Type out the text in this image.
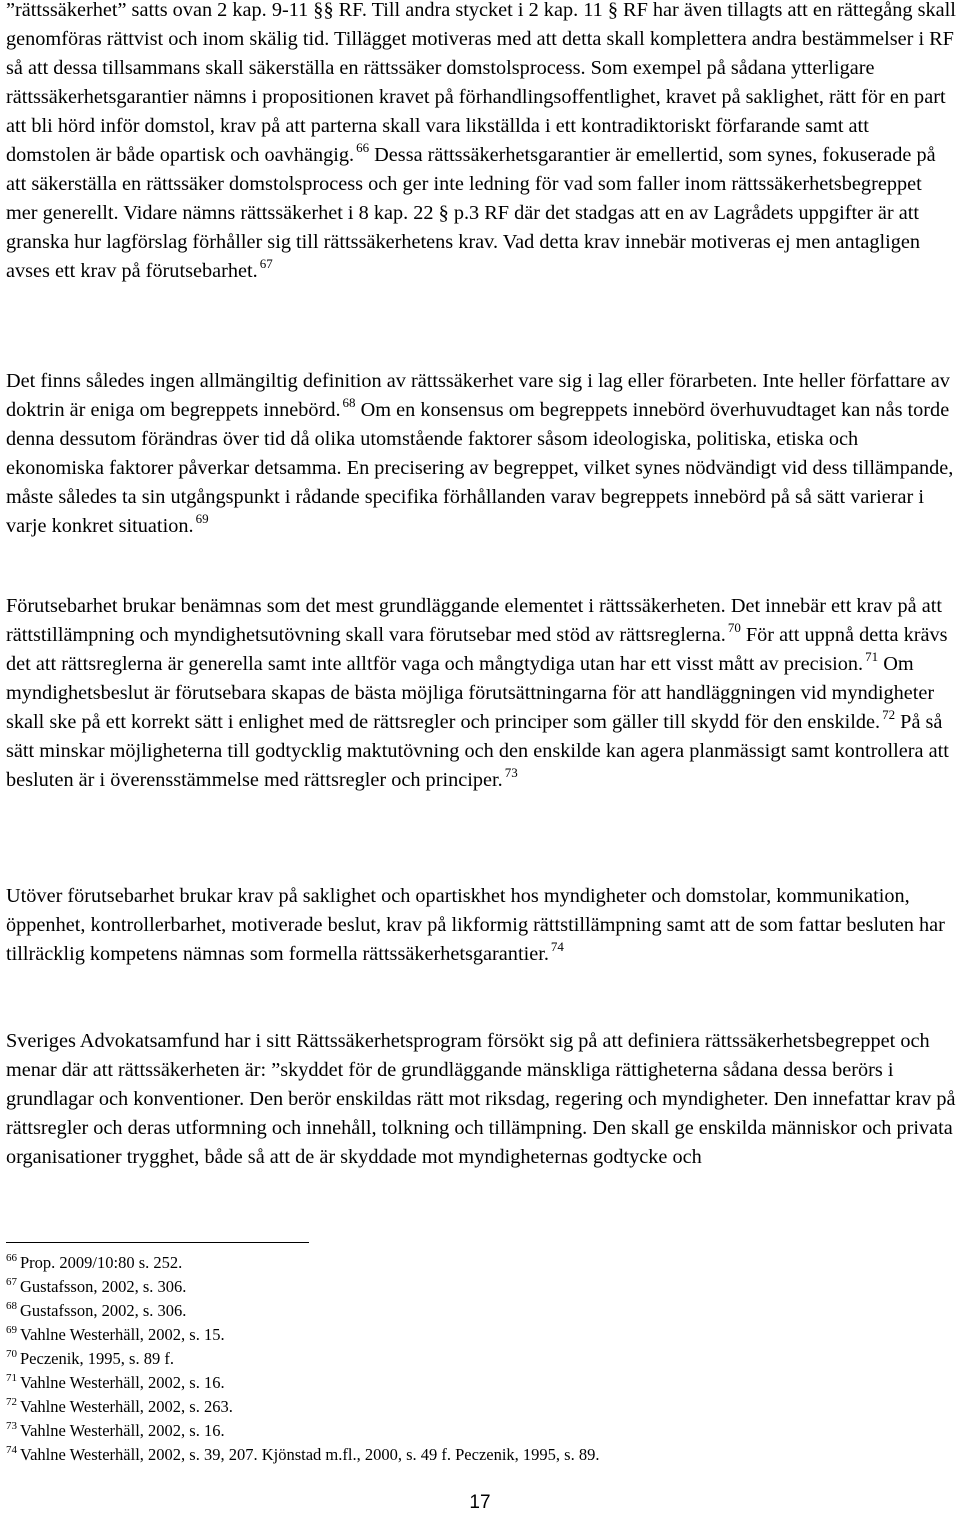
”rättssäkerhet” satts ovan 2 kap. 9-11 §§ RF. Till andra stycket i 2 kap. 11 § RF har även tillagts att en rättegång skall genomföras rättvist och inom skälig tid. Tillägget motiveras med att detta skall komplettera andra bestämmelser i RF så att dessa tillsammans skall säkerställa en rättssäker domstolsprocess. Som exempel på sådana ytterligare rättssäkerhetsgarantier nämns i propositionen kravet på förhandlingsoffentlighet, kravet på saklighet, rätt för en part att bli hörd inför domstol, krav på att parterna skall vara likställda i ett kontradiktoriskt förfarande samt att domstolen är både opartisk och oavhängig. $^{66}$ Dessa rättssäkerhetsgarantier är emellertid, som synes, fokuserade på att säkerställa en rättssäker domstolsprocess och ger inte ledning för vad som faller inom rättssäkerhetsbegreppet mer generellt. Vidare nämns rättssäkerhet i 8 kap. 22 § p.3 RF där det stadgas att en av Lagrådets uppgifter är att granska hur lagförslag förhåller sig till rättssäkerhetens krav. Vad detta krav innebär motiveras ej men antagligen avses ett krav på förutsebarhet. $^{67}$

Det finns således ingen allmängiltig definition av rättssäkerhet vare sig i lag eller förarbeten. Inte heller författare av doktrin är eniga om begreppets innebörd. $^{68}$ Om en konsensus om begreppets innebörd överhuvudtaget kan nås torde denna dessutom förändras över tid då olika utomstående faktorer såsom ideologiska, politiska, etiska och ekonomiska faktorer påverkar detsamma. En precisering av begreppet, vilket synes nödvändigt vid dess tillämpande, måste således ta sin utgångspunkt i rådande specifika förhållanden varav begreppets innebörd på så sätt varierar i varje konkret situation. $^{69}$

Förutsebarhet brukar benämnas som det mest grundläggande elementet i rättssäkerheten. Det innebär ett krav på att rättstillämpning och myndighetsutövning skall vara förutsebar med stöd av rättsreglerna. $^{70}$ För att uppnå detta krävs det att rättsreglerna är generella samt inte alltför vaga och mångtydiga utan har ett visst mått av precision. $^{71}$ Om myndighetsbeslut är förutsebara skapas de bästa möjliga förutsättningarna för att handläggningen vid myndigheter skall ske på ett korrekt sätt i enlighet med de rättsregler och principer som gäller till skydd för den enskilde. $^{72}$ På så sätt minskar möjligheterna till godtycklig maktutövning och den enskilde kan agera planmässigt samt kontrollera att besluten är i överensstämmelse med rättsregler och principer. $^{73}$

Utöver förutsebarhet brukar krav på saklighet och opartiskhet hos myndigheter och domstolar, kommunikation, öppenhet, kontrollerbarhet, motiverade beslut, krav på likformig rättstillämpning samt att de som fattar besluten har tillräcklig kompetens nämnas som formella rättssäkerhetsgarantier. $^{74}$

Sveriges Advokatsamfund har i sitt Rättssäkerhetsprogram försökt sig på att definiera rättssäkerhetsbegreppet och menar där att rättssäkerheten är: ”skyddet för de grundläggande mänskliga rättigheterna sådana dessa berörs i grundlagar och konventioner. Den berör enskildas rätt mot riksdag, regering och myndigheter. Den innefattar krav på rättsregler och deras utformning och innehåll, tolkning och tillämpning. Den skall ge enskilda människor och privata organisationer trygghet, både så att de är skyddade mot myndigheternas godtycke och

$^{66}$ Prop. 2009/10:80 s. 252.
$^{67}$ Gustafsson, 2002, s. 306.
$^{68}$ Gustafsson, 2002, s. 306.
$^{69}$ Vahlne Westerhäll, 2002, s. 15.
$^{70}$ Peczenik, 1995, s. 89 f.
$^{71}$ Vahlne Westerhäll, 2002, s. 16.
$^{72}$ Vahlne Westerhäll, 2002, s. 263.
$^{73}$ Vahlne Westerhäll, 2002, s. 16.
$^{74}$ Vahlne Westerhäll, 2002, s. 39, 207. Kjönstad m.fl., 2000, s. 49 f. Peczenik, 1995, s. 89.
17
